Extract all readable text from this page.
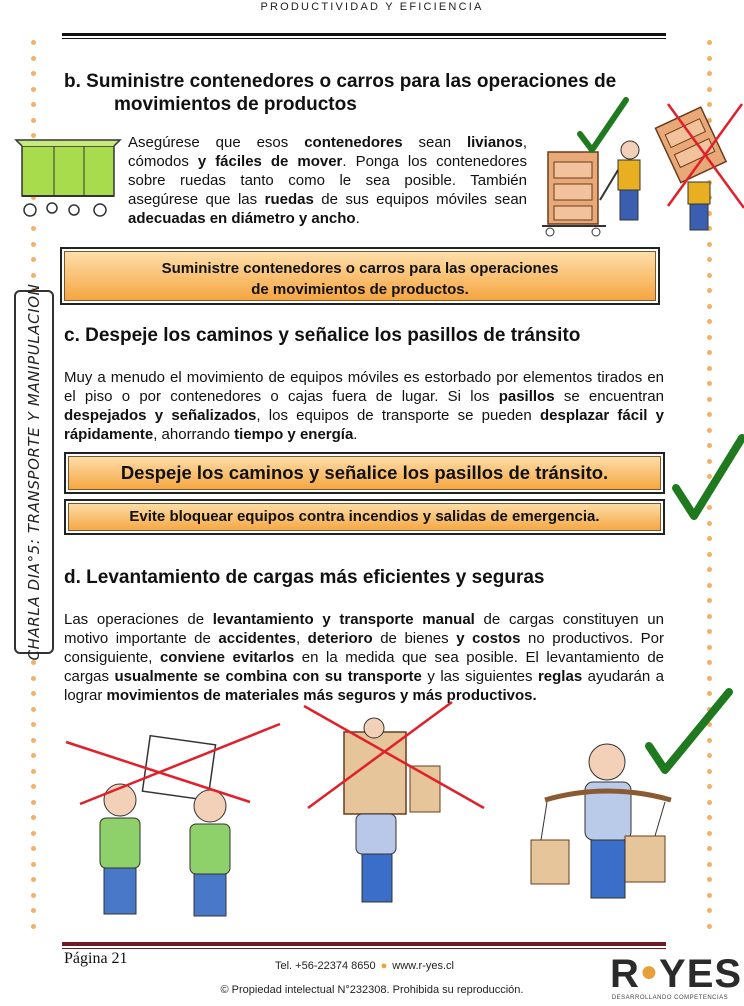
PRODUCTIVIDAD Y EFICIENCIA
CHARLA DIA°5: TRANSPORTE Y MANIPULACION
b. Suministre contenedores o carros para las operaciones de
movimientos de productos
Asegúrese que esos contenedores sean livianos, cómodos y fáciles de mover. Ponga los contenedores sobre ruedas tanto como le sea posible. También asegúrese que las ruedas de sus equipos móviles sean adecuadas en diámetro y ancho.
Suministre contenedores o carros para las operaciones
de movimientos de productos.
c. Despeje los caminos y señalice los pasillos de tránsito
Muy a menudo el movimiento de equipos móviles es estorbado por elementos tirados en el piso o por contenedores o cajas fuera de lugar. Si los pasillos se encuentran despejados y señalizados, los equipos de transporte se pueden desplazar fácil y rápidamente, ahorrando tiempo y energía.
Despeje los caminos y señalice los pasillos de tránsito.
Evite bloquear equipos contra incendios y salidas de emergencia.
d. Levantamiento de cargas más eficientes y seguras
Las operaciones de levantamiento y transporte manual de cargas constituyen un motivo importante de accidentes, deterioro de bienes y costos no productivos. Por consiguiente, conviene evitarlos en la medida que sea posible. El levantamiento de cargas usualmente se combina con su transporte y las siguientes reglas ayudarán a lograr movimientos de materiales más seguros y más productivos.
Página 21	Tel. +56-22374 8650 ● www.r-yes.cl
© Propiedad intelectual N°232308. Prohibida su reproducción.	R●YES
DESARROLLANDO COMPETENCIAS
